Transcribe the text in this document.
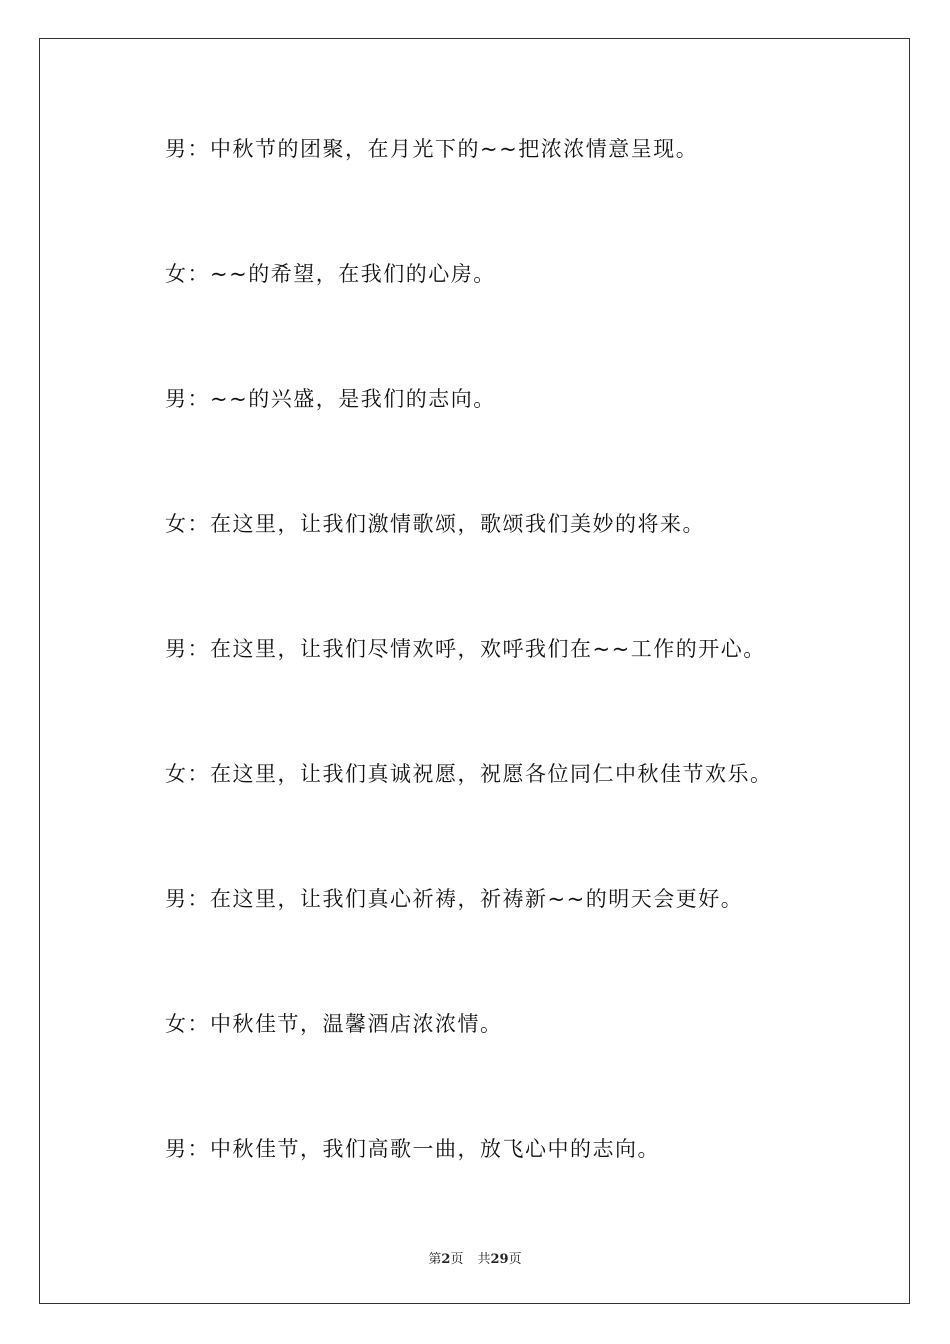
男：中秋节的团聚，在月光下的~~把浓浓情意呈现。
女：~~的希望，在我们的心房。
男：~~的兴盛，是我们的志向。
女：在这里，让我们激情歌颂，歌颂我们美妙的将来。
男：在这里，让我们尽情欢呼，欢呼我们在~~工作的开心。
女：在这里，让我们真诚祝愿，祝愿各位同仁中秋佳节欢乐。
男：在这里，让我们真心祈祷，祈祷新~~的明天会更好。
女：中秋佳节，温馨酒店浓浓情。
男：中秋佳节，我们高歌一曲，放飞心中的志向。
第2页 共29页
